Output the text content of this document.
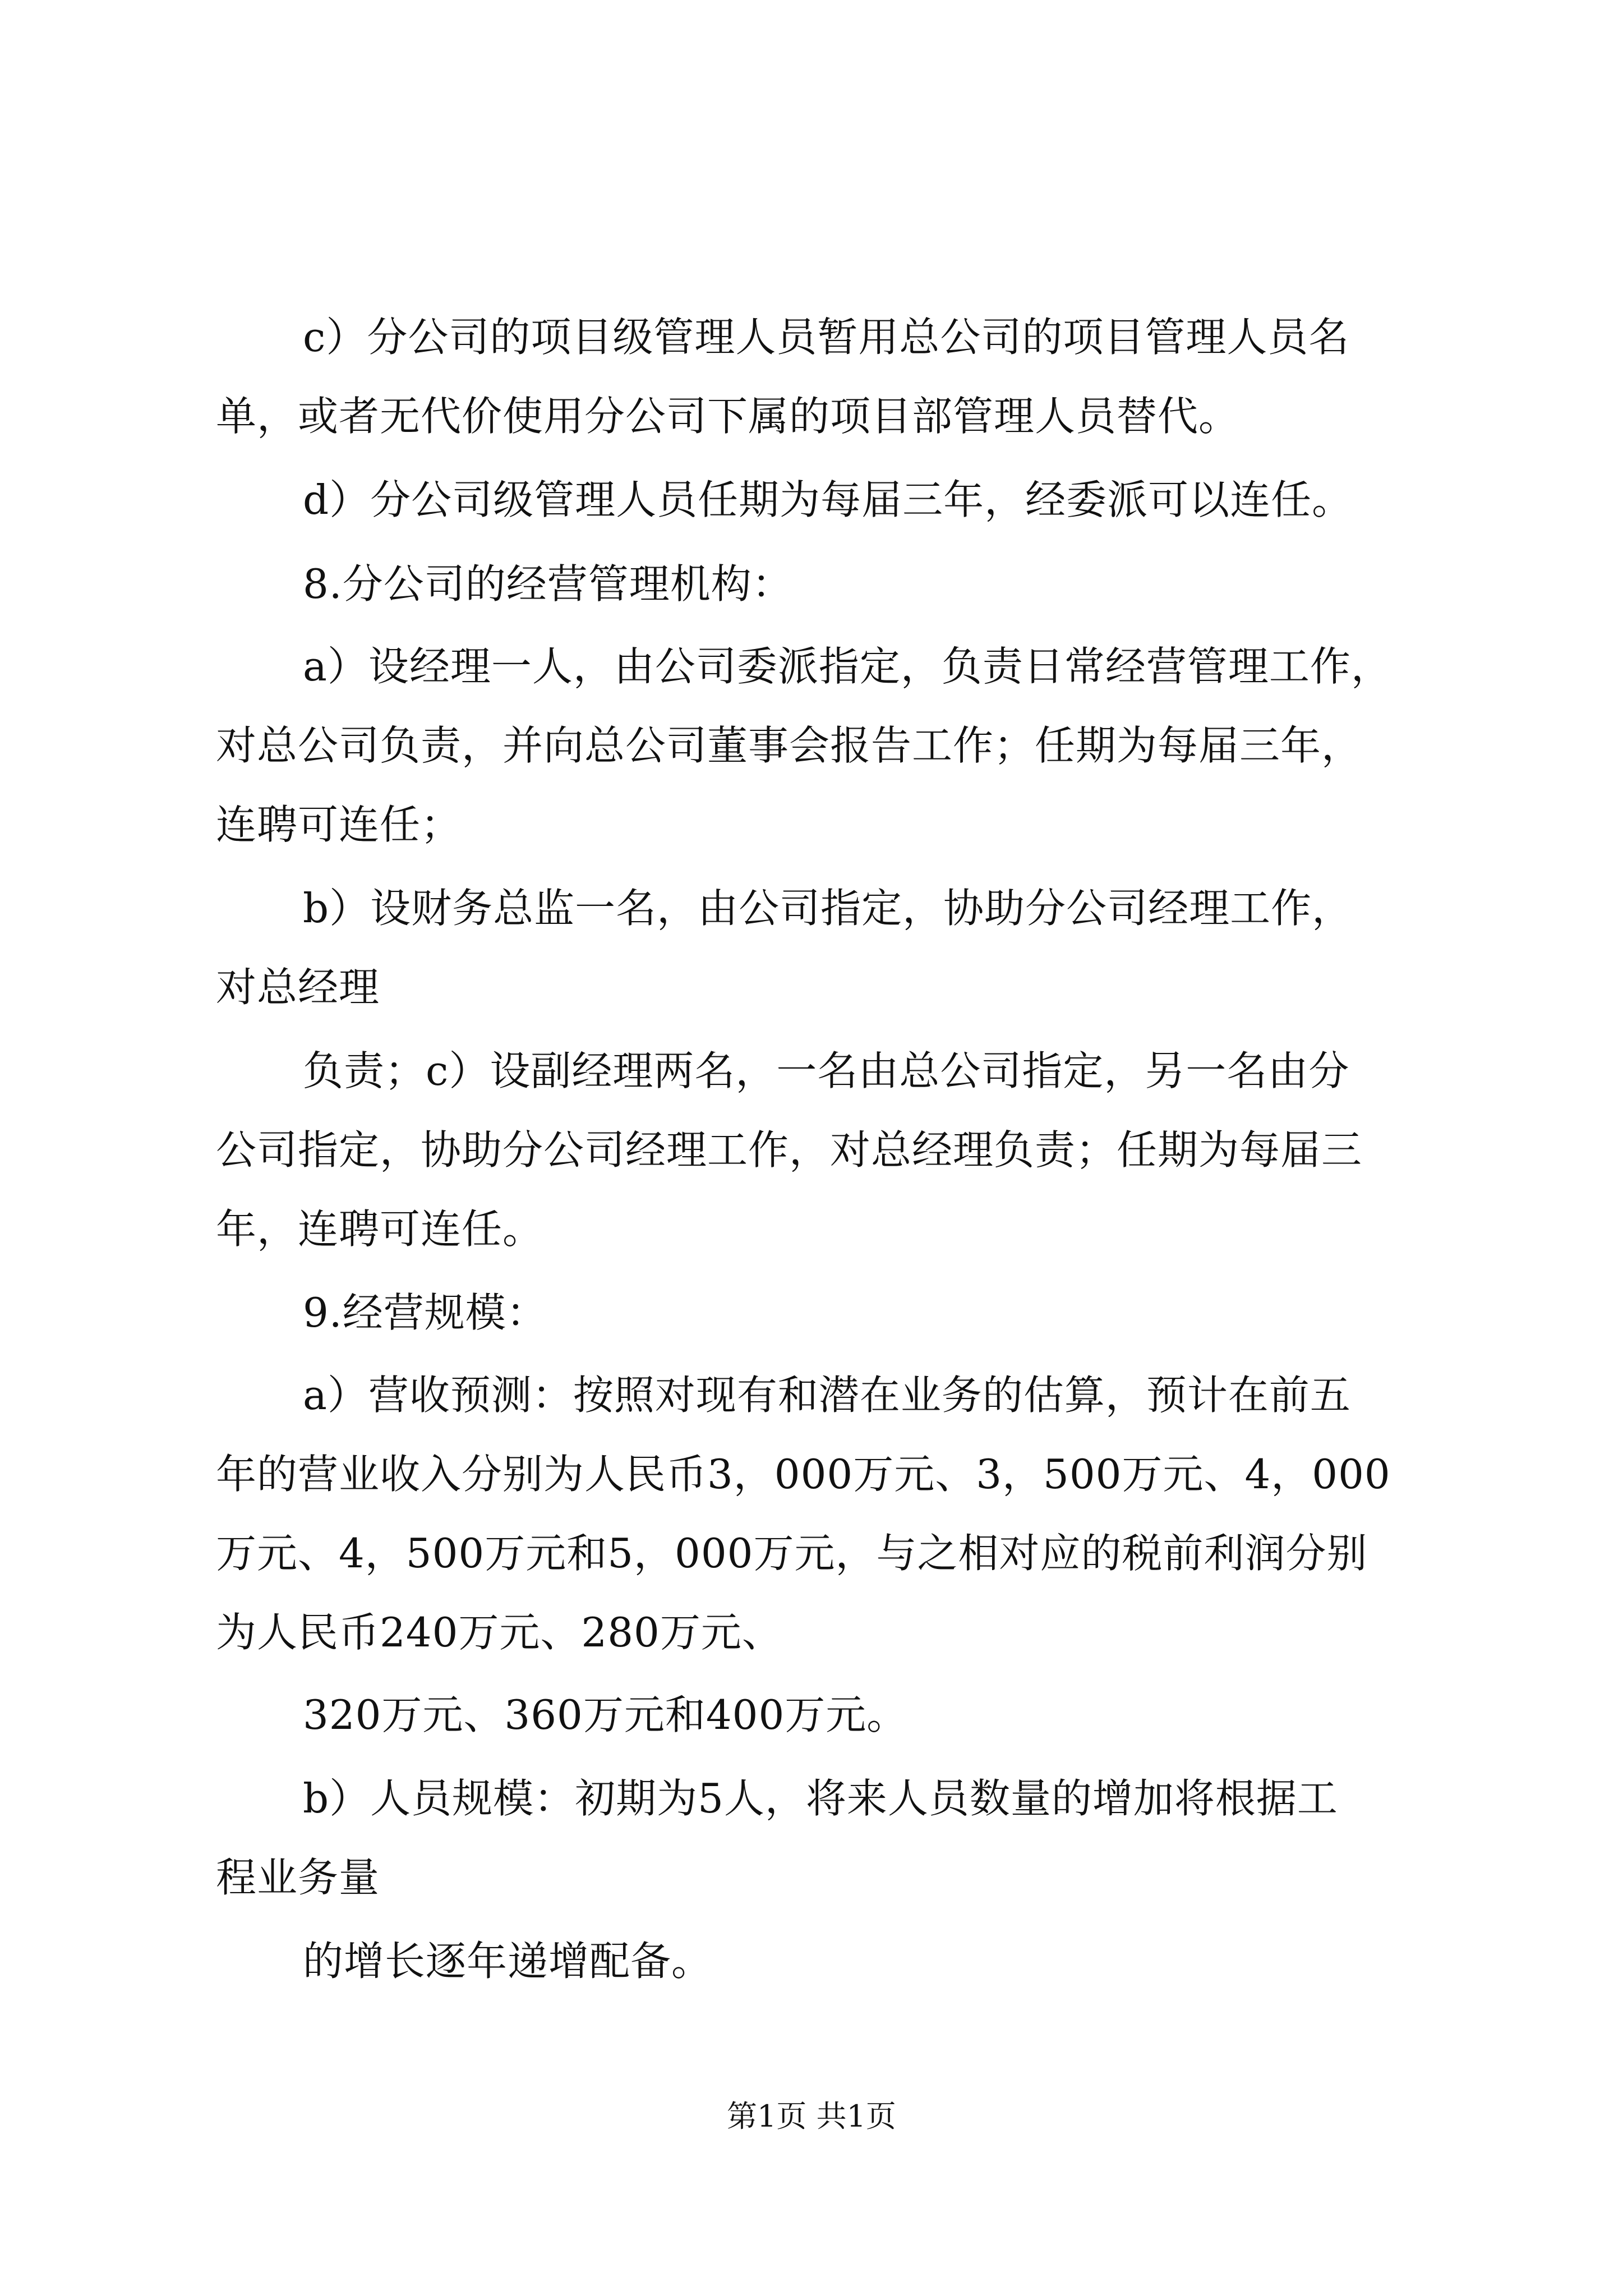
c）分公司的项目级管理人员暂用总公司的项目管理人员名
单，或者无代价使用分公司下属的项目部管理人员替代。
d）分公司级管理人员任期为每届三年，经委派可以连任。
8.分公司的经营管理机构：
a）设经理一人，由公司委派指定，负责日常经营管理工作，
对总公司负责，并向总公司董事会报告工作；任期为每届三年，
连聘可连任；
b）设财务总监一名，由公司指定，协助分公司经理工作，
对总经理
负责；c）设副经理两名，一名由总公司指定，另一名由分
公司指定，协助分公司经理工作，对总经理负责；任期为每届三
年，连聘可连任。
9.经营规模：
a）营收预测：按照对现有和潜在业务的估算，预计在前五
年的营业收入分别为人民币3，000万元、3，500万元、4，000
万元、4，500万元和5，000万元，与之相对应的税前利润分别
为人民币240万元、280万元、
320万元、360万元和400万元。
b）人员规模：初期为5人，将来人员数量的增加将根据工
程业务量
的增长逐年递增配备。
第1页 共1页
